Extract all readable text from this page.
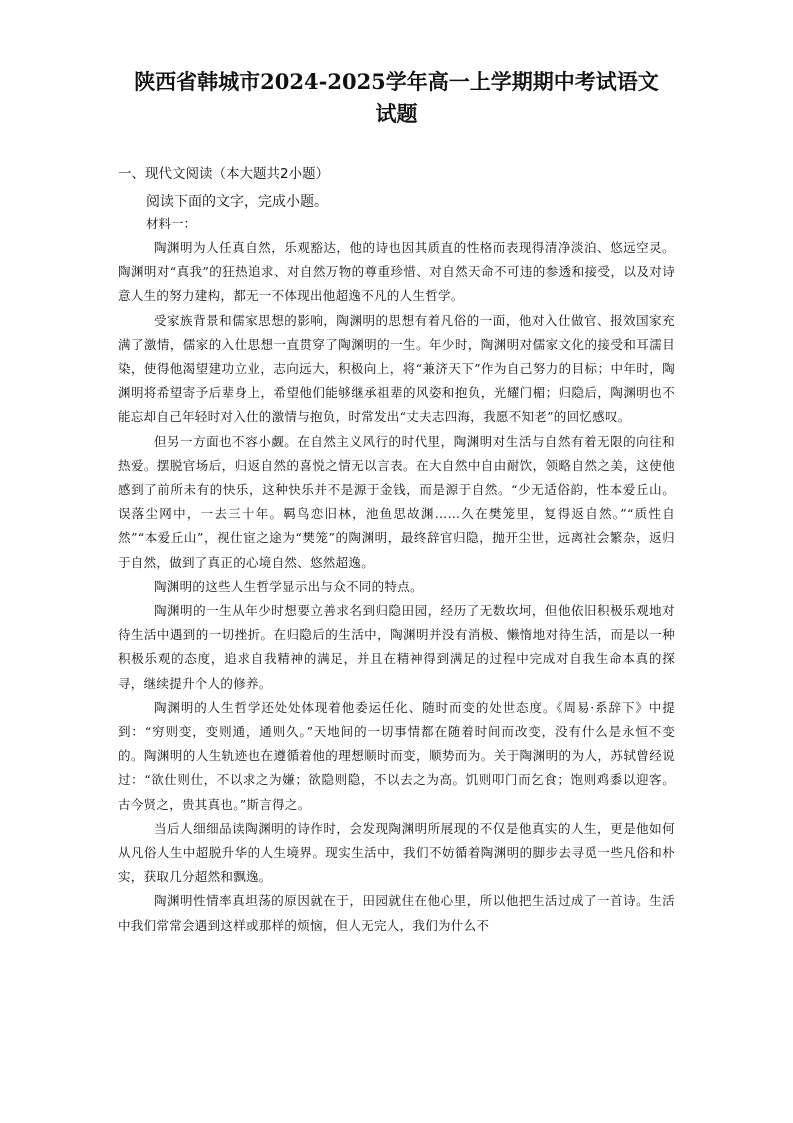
陕西省韩城市2024-2025学年高一上学期期中考试语文试题
一、现代文阅读（本大题共2小题）
阅读下面的文字，完成小题。
材料一：

陶渊明为人任真自然，乐观豁达，他的诗也因其质直的性格而表现得清净淡泊、悠远空灵。陶渊明对“真我”的狂热追求、对自然万物的尊重珍惜、对自然天命不可违的参透和接受，以及对诗意人生的努力建构，都无一不体现出他超逸不凡的人生哲学。

受家族背景和儒家思想的影响，陶渊明的思想有着凡俗的一面，他对入仕做官、报效国家充满了激情，儒家的入仕思想一直贯穿了陶渊明的一生。年少时，陶渊明对儒家文化的接受和耳濡目染，使得他渴望建功立业，志向远大，积极向上，将“兼济天下”作为自己努力的目标；中年时，陶渊明将希望寄予后辈身上，希望他们能够继承祖辈的风姿和抱负，光耀门楣；归隐后，陶渊明也不能忘却自己年轻时对入仕的激情与抱负，时常发出“丈夫志四海，我愿不知老”的回忆感叹。

但另一方面也不容小觑。在自然主义风行的时代里，陶渊明对生活与自然有着无限的向往和热爱。摆脱官场后，归返自然的喜悦之情无以言表。在大自然中自由耐饮，领略自然之美，这使他感到了前所未有的快乐，这种快乐并不是源于金钱，而是源于自然。“少无适俗韵，性本爱丘山。误落尘网中，一去三十年。羁鸟恋旧林，池鱼思故渊……久在樊笼里，复得返自然。”“质性自然”“本爱丘山”，视仕宦之途为“樊笼”的陶渊明，最终辞官归隐，抛开尘世，远离社会繁杂，返归于自然，做到了真正的心境自然、悠然超逸。

陶渊明的这些人生哲学显示出与众不同的特点。

陶渊明的一生从年少时想要立善求名到归隐田园，经历了无数坎坷，但他依旧积极乐观地对待生活中遇到的一切挫折。在归隐后的生活中，陶渊明并没有消极、懒惰地对待生活，而是以一种积极乐观的态度，追求自我精神的满足，并且在精神得到满足的过程中完成对自我生命本真的探寻，继续提升个人的修养。

陶渊明的人生哲学还处处体现着他委运任化、随时而变的处世态度。《周易·系辞下》中提到：“穷则变，变则通，通则久。”天地间的一切事情都在随着时间而改变，没有什么是永恒不变的。陶渊明的人生轨迹也在遵循着他的理想顺时而变，顺势而为。关于陶渊明的为人，苏轼曾经说过：“欲仕则仕，不以求之为嫌；欲隐则隐，不以去之为高。饥则叩门而乞食；饱则鸡黍以迎客。古今贤之，贵其真也。”斯言得之。

当后人细细品读陶渊明的诗作时，会发现陶渊明所展现的不仅是他真实的人生，更是他如何从凡俗人生中超脱升华的人生境界。现实生活中，我们不妨循着陶渊明的脚步去寻觅一些凡俗和朴实，获取几分超然和飘逸。

陶渊明性情率真坦荡的原因就在于，田园就住在他心里，所以他把生活过成了一首诗。生活中我们常常会遇到这样或那样的烦恼，但人无完人，我们为什么不
